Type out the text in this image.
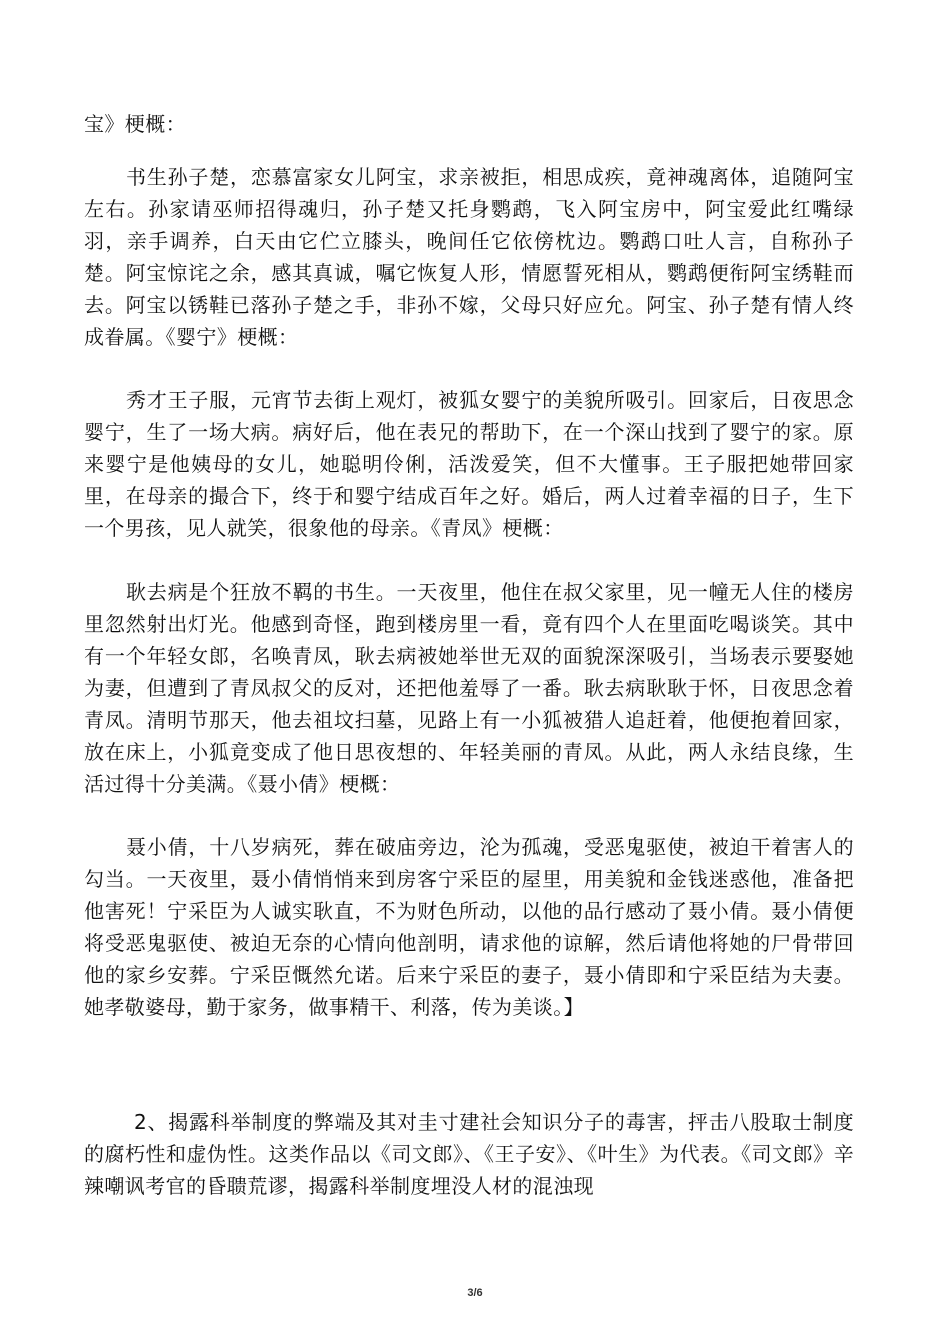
宝》梗概：
书生孙子楚，恋慕富家女儿阿宝，求亲被拒，相思成疾，竟神魂离体，追随阿宝左右。孙家请巫师招得魂归，孙子楚又托身鹦鹉，飞入阿宝房中，阿宝爱此红嘴绿羽，亲手调养，白天由它伫立膝头，晚间任它依傍枕边。鹦鹉口吐人言，自称孙子楚。阿宝惊诧之余，感其真诚，嘱它恢复人形，情愿誓死相从，鹦鹉便衔阿宝绣鞋而去。阿宝以锈鞋已落孙子楚之手，非孙不嫁，父母只好应允。阿宝、孙子楚有情人终成眷属。《婴宁》梗概：
秀才王子服，元宵节去街上观灯，被狐女婴宁的美貌所吸引。回家后，日夜思念婴宁，生了一场大病。病好后，他在表兄的帮助下，在一个深山找到了婴宁的家。原来婴宁是他姨母的女儿，她聪明伶俐，活泼爱笑，但不大懂事。王子服把她带回家里，在母亲的撮合下，终于和婴宁结成百年之好。婚后，两人过着幸福的日子，生下一个男孩，见人就笑，很象他的母亲。《青凤》梗概：
耿去病是个狂放不羁的书生。一天夜里，他住在叔父家里，见一幢无人住的楼房里忽然射出灯光。他感到奇怪，跑到楼房里一看，竟有四个人在里面吃喝谈笑。其中有一个年轻女郎，名唤青凤，耿去病被她举世无双的面貌深深吸引，当场表示要娶她为妻，但遭到了青凤叔父的反对，还把他羞辱了一番。耿去病耿耿于怀，日夜思念着青凤。清明节那天，他去祖坟扫墓，见路上有一小狐被猎人追赶着，他便抱着回家，放在床上，小狐竟变成了他日思夜想的、年轻美丽的青凤。从此，两人永结良缘，生活过得十分美满。《聂小倩》梗概：
聂小倩，十八岁病死，葬在破庙旁边，沦为孤魂，受恶鬼驱使，被迫干着害人的勾当。一天夜里，聂小倩悄悄来到房客宁采臣的屋里，用美貌和金钱迷惑他，准备把他害死！宁采臣为人诚实耿直，不为财色所动，以他的品行感动了聂小倩。聂小倩便将受恶鬼驱使、被迫无奈的心情向他剖明，请求他的谅解，然后请他将她的尸骨带回他的家乡安葬。宁采臣慨然允诺。后来宁采臣的妻子，聂小倩即和宁采臣结为夫妻。她孝敬婆母，勤于家务，做事精干、利落，传为美谈。】
2、揭露科举制度的弊端及其对圭寸建社会知识分子的毒害，抨击八股取士制度的腐朽性和虚伪性。这类作品以《司文郎》、《王子安》、《叶生》为代表。《司文郎》辛辣嘲讽考官的昏聩荒谬，揭露科举制度埋没人材的混浊现
3/6
